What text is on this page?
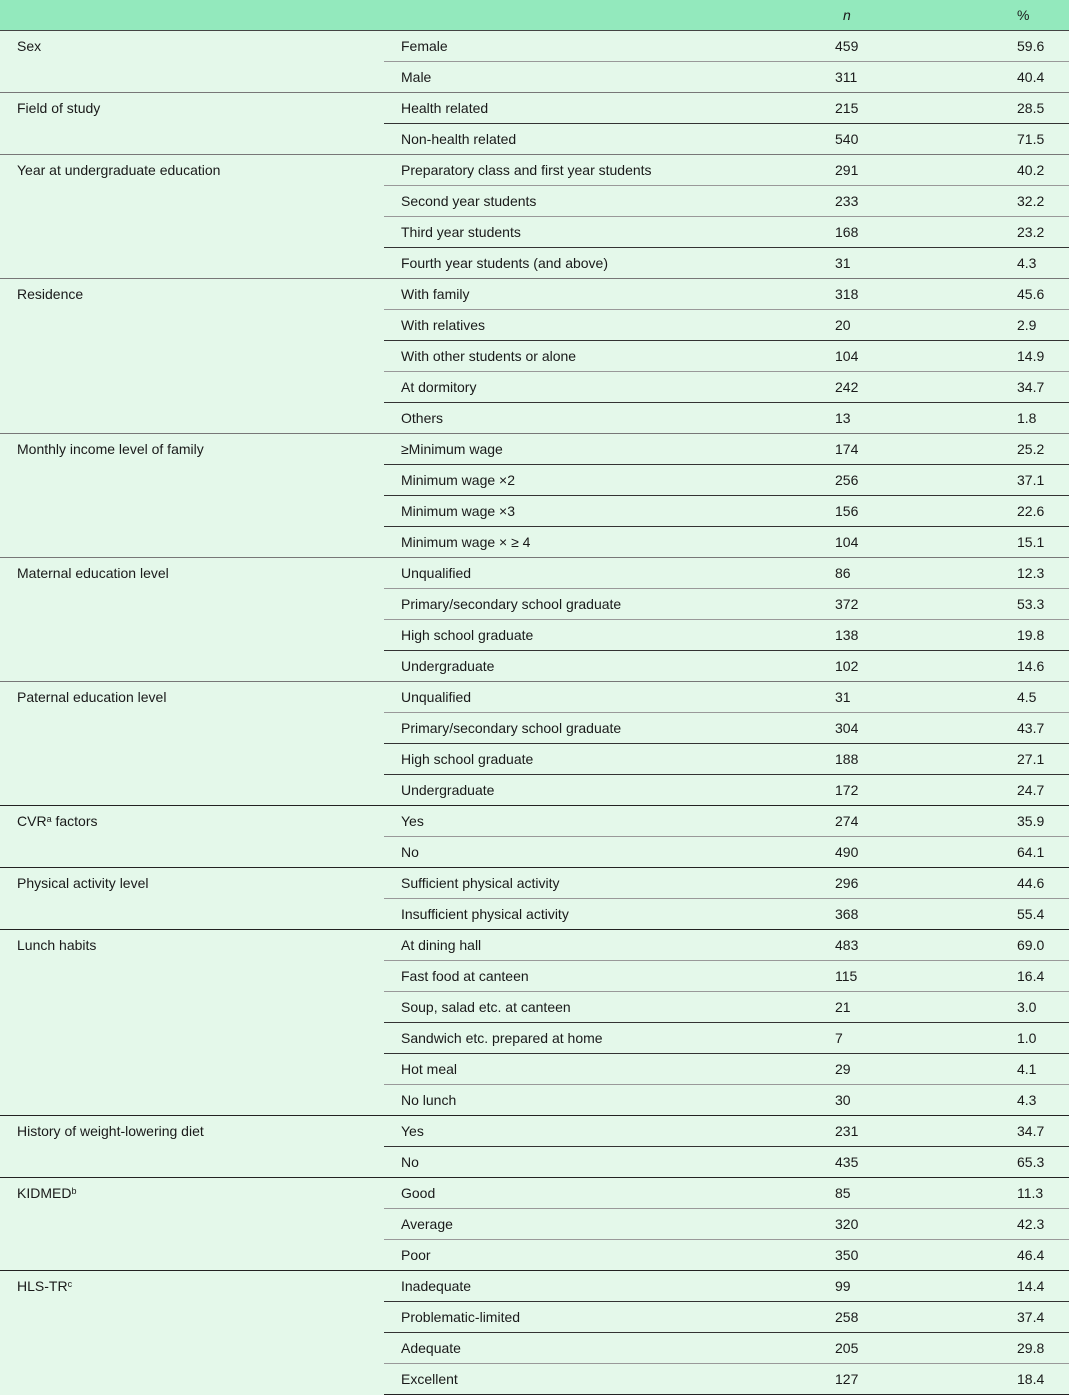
		n	%
Sex	Female	459	59.6
	Male	311	40.4
Field of study	Health related	215	28.5
	Non-health related	540	71.5
Year at undergraduate education	Preparatory class and first year students	291	40.2
	Second year students	233	32.2
	Third year students	168	23.2
	Fourth year students (and above)	31	4.3
Residence	With family	318	45.6
	With relatives	20	2.9
	With other students or alone	104	14.9
	At dormitory	242	34.7
	Others	13	1.8
Monthly income level of family	≥Minimum wage	174	25.2
	Minimum wage ×2	256	37.1
	Minimum wage ×3	156	22.6
	Minimum wage × ≥ 4	104	15.1
Maternal education level	Unqualified	86	12.3
	Primary/secondary school graduate	372	53.3
	High school graduate	138	19.8
	Undergraduate	102	14.6
Paternal education level	Unqualified	31	4.5
	Primary/secondary school graduate	304	43.7
	High school graduate	188	27.1
	Undergraduate	172	24.7
CVR$^a$ factors	Yes	274	35.9
	No	490	64.1
Physical activity level	Sufficient physical activity	296	44.6
	Insufficient physical activity	368	55.4
Lunch habits	At dining hall	483	69.0
	Fast food at canteen	115	16.4
	Soup, salad etc. at canteen	21	3.0
	Sandwich etc. prepared at home	7	1.0
	Hot meal	29	4.1
	No lunch	30	4.3
History of weight-lowering diet	Yes	231	34.7
	No	435	65.3
KIDMED$^b$	Good	85	11.3
	Average	320	42.3
	Poor	350	46.4
HLS-$TR^c$	Inadequate	99	14.4
	Problematic-limited	258	37.4
	Adequate	205	29.8
	Excellent	127	18.4
